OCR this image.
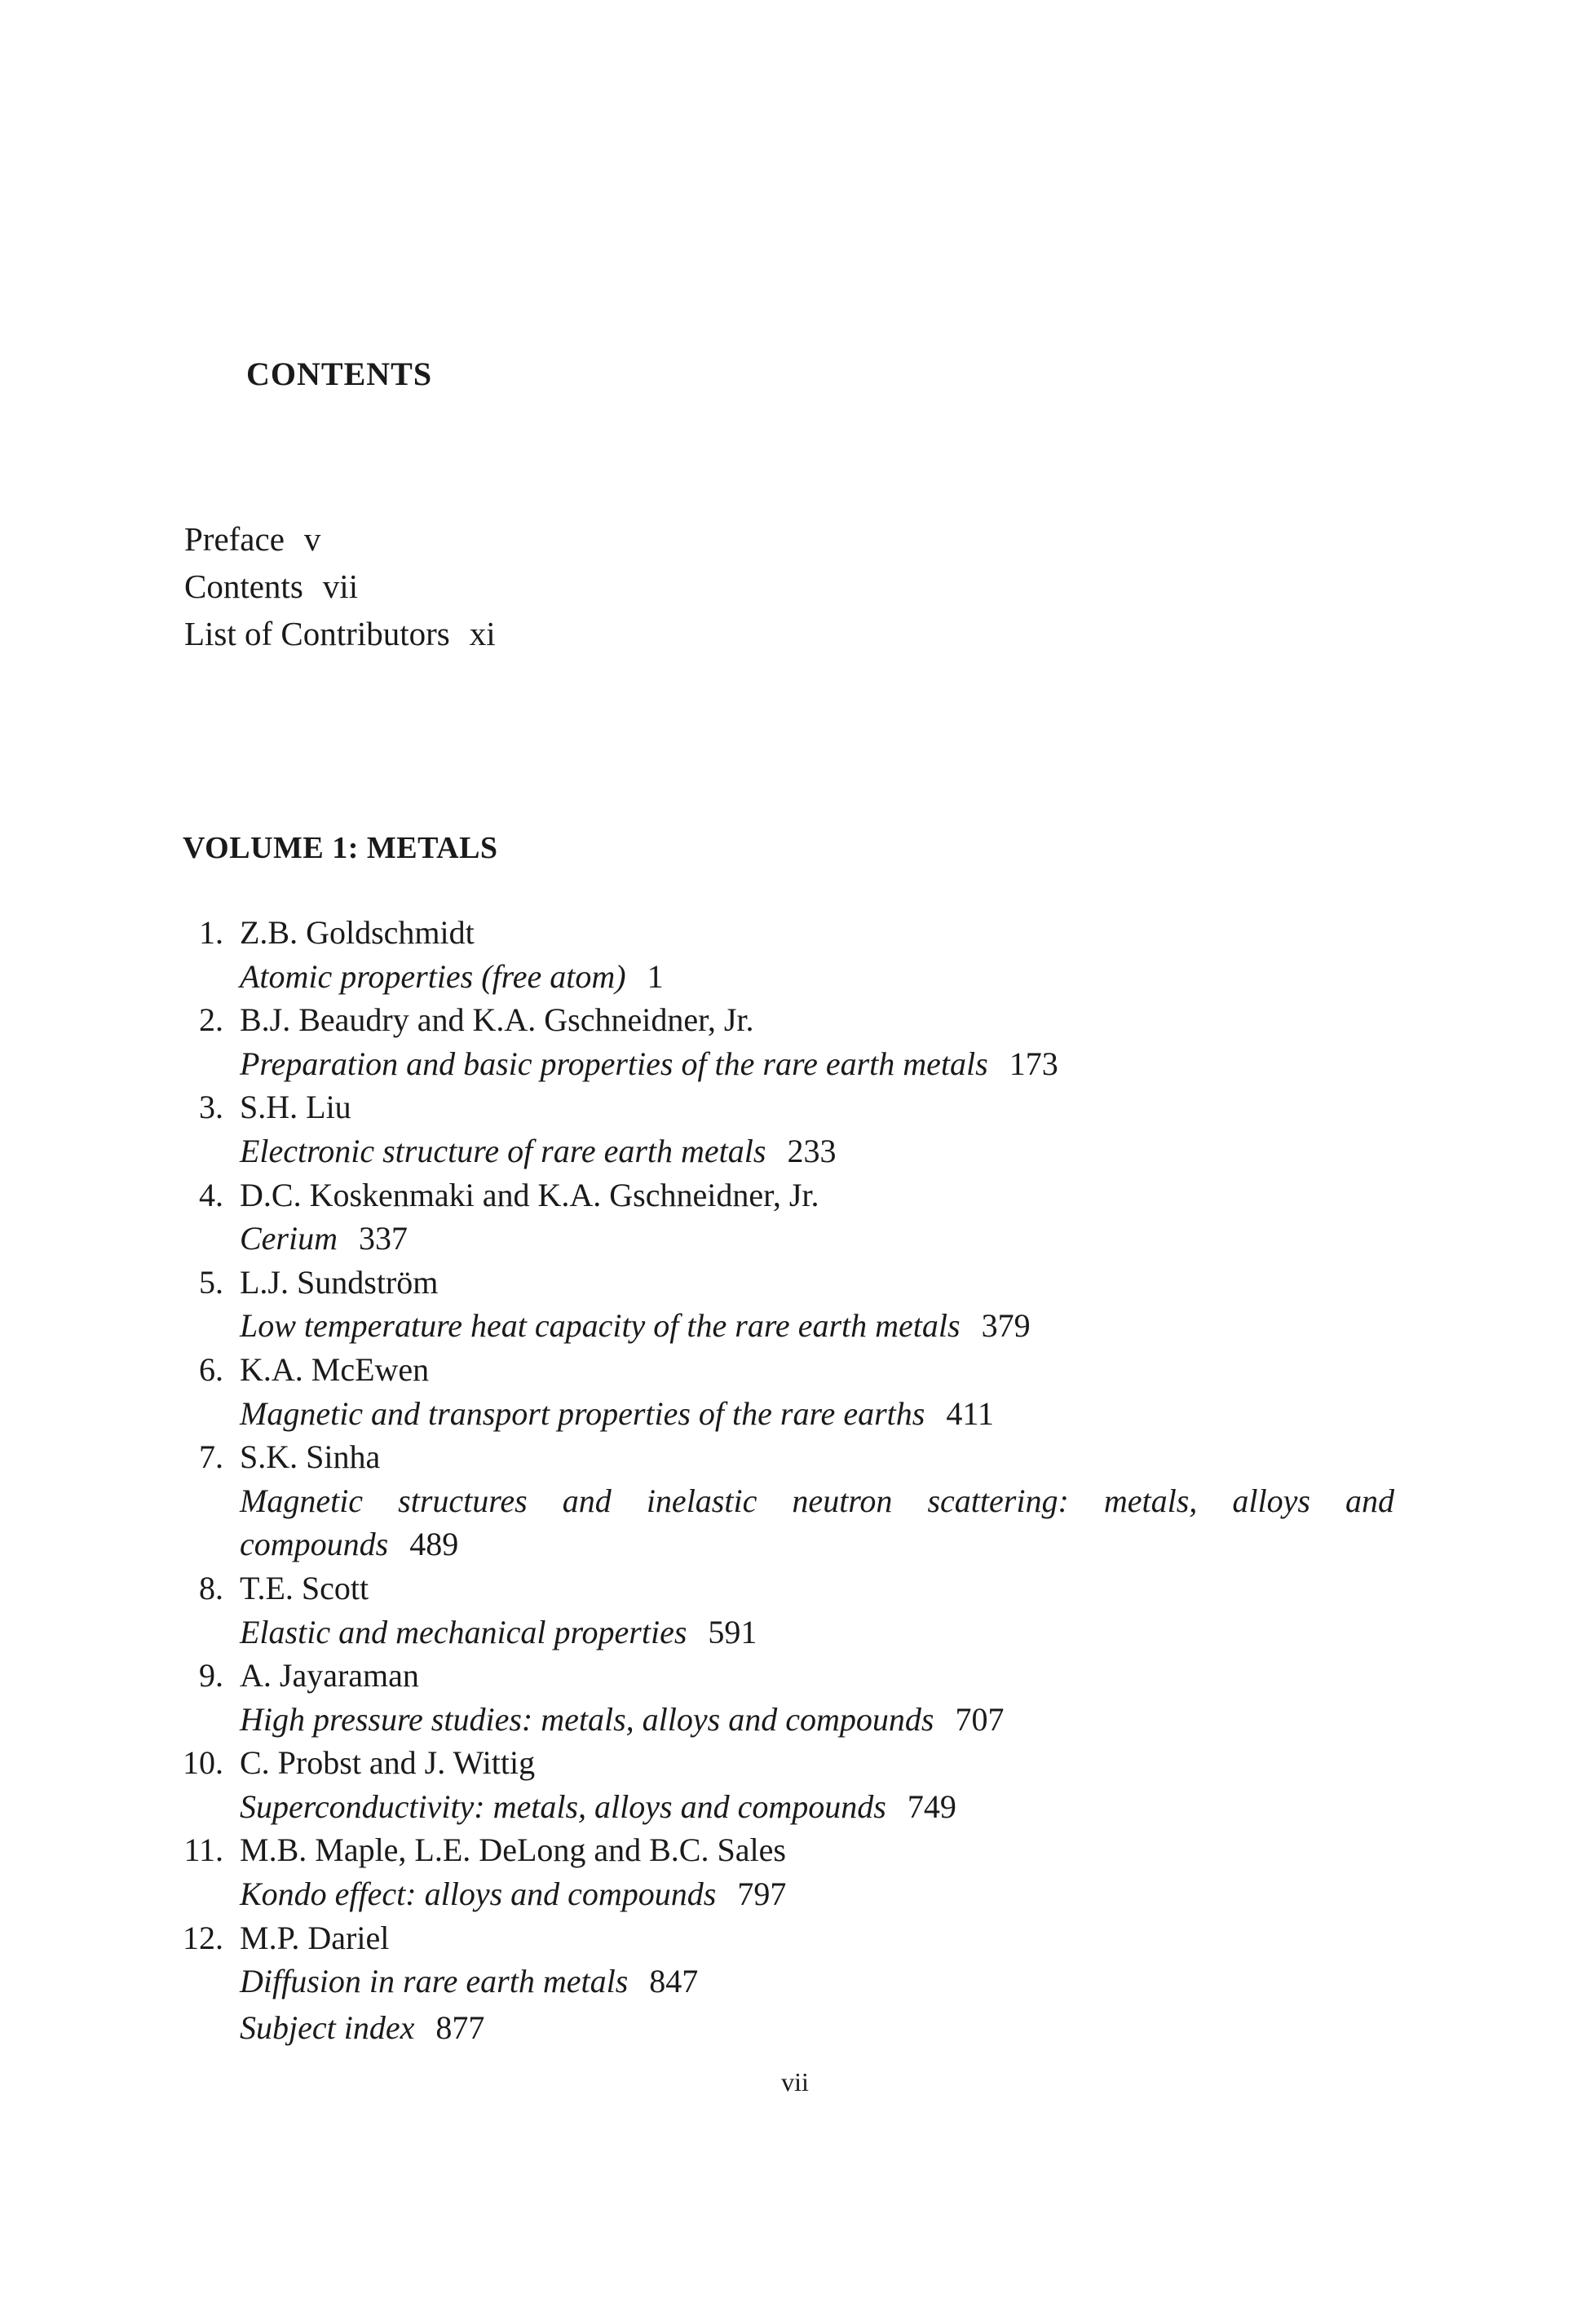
CONTENTS
Preface v
Contents vii
List of Contributors xi
VOLUME 1: METALS
1. Z.B. Goldschmidt
Atomic properties (free atom) 1
2. B.J. Beaudry and K.A. Gschneidner, Jr.
Preparation and basic properties of the rare earth metals 173
3. S.H. Liu
Electronic structure of rare earth metals 233
4. D.C. Koskenmaki and K.A. Gschneidner, Jr.
Cerium 337
5. L.J. Sundström
Low temperature heat capacity of the rare earth metals 379
6. K.A. McEwen
Magnetic and transport properties of the rare earths 411
7. S.K. Sinha
Magnetic structures and inelastic neutron scattering: metals, alloys and compounds 489
8. T.E. Scott
Elastic and mechanical properties 591
9. A. Jayaraman
High pressure studies: metals, alloys and compounds 707
10. C. Probst and J. Wittig
Superconductivity: metals, alloys and compounds 749
11. M.B. Maple, L.E. DeLong and B.C. Sales
Kondo effect: alloys and compounds 797
12. M.P. Dariel
Diffusion in rare earth metals 847
Subject index 877
vii
